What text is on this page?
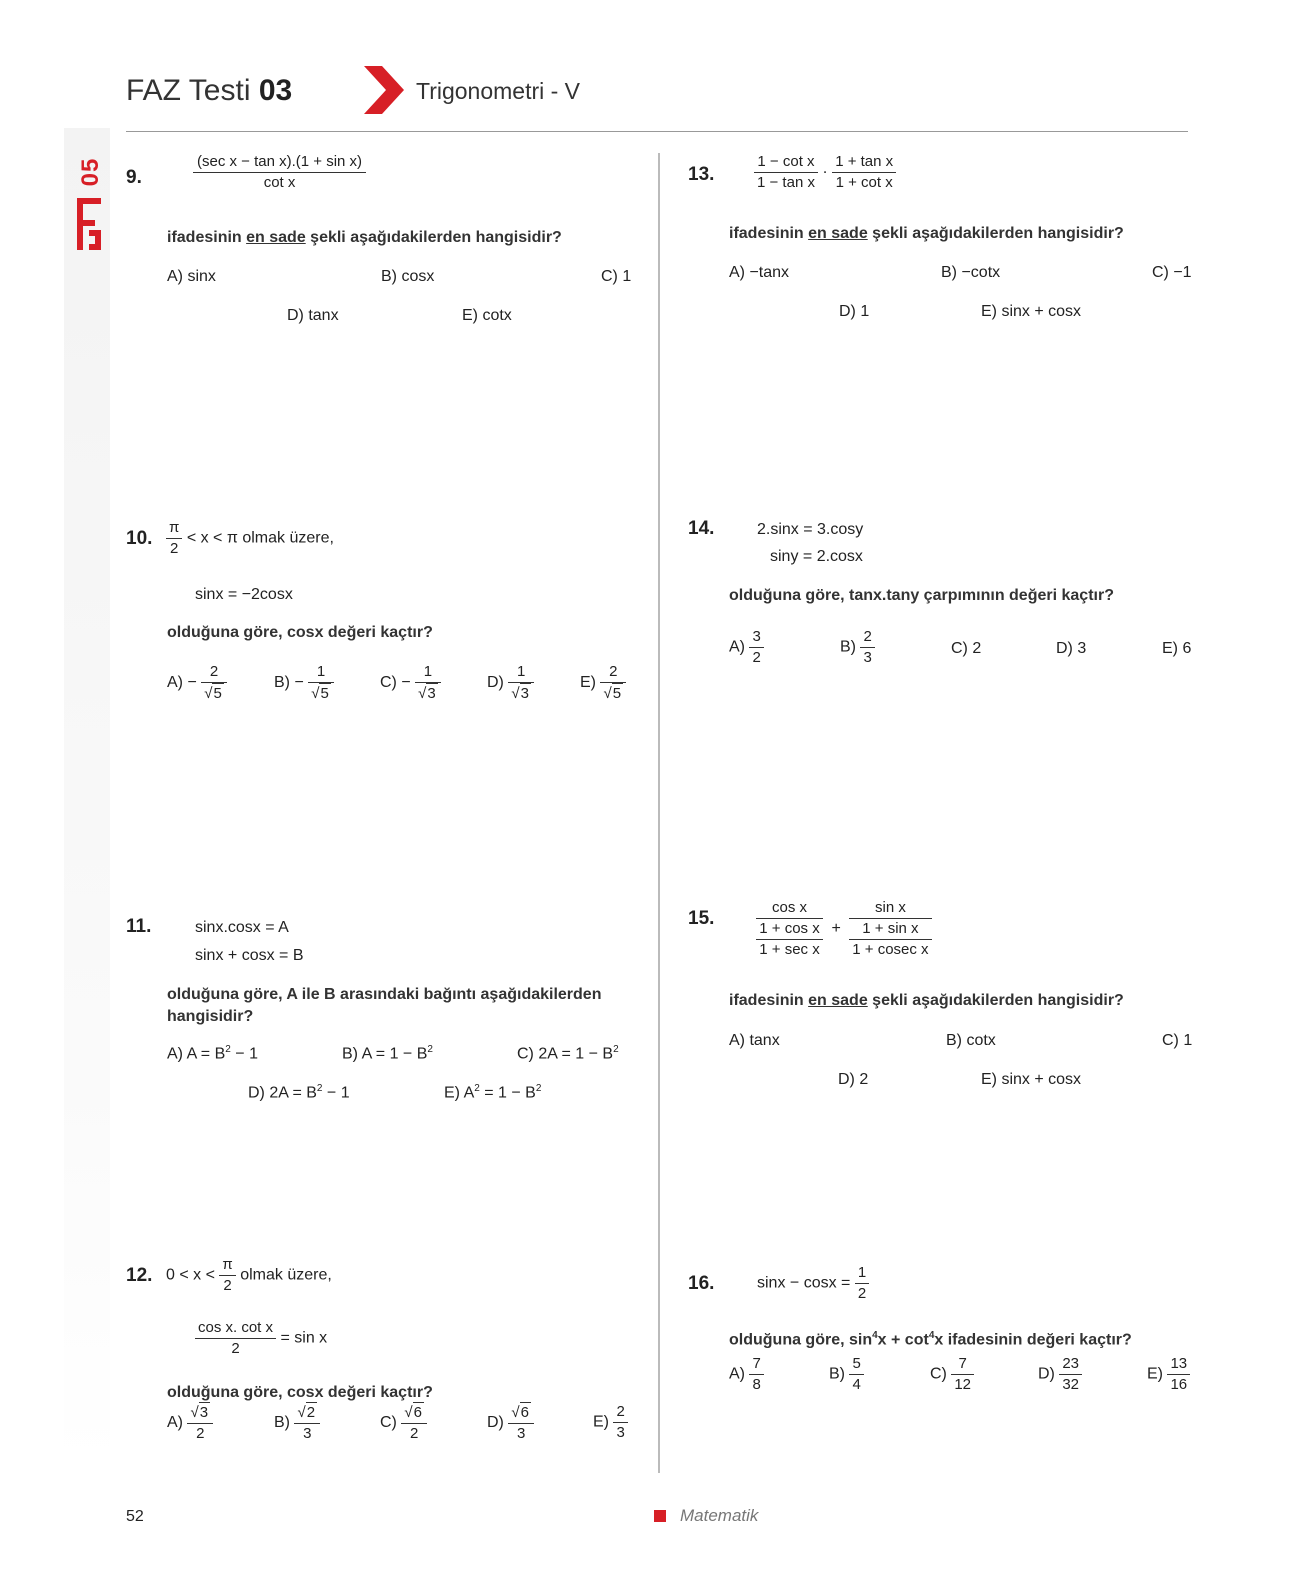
05
FAZ Testi 03	Trigonometri - V
9.
(sec x − tan x).(1 + sin x)
cot x
ifadesinin en sade şekli aşağıdakilerden hangisidir?
A) sinx	B) cosx	C) 1
D) tanx	E) cotx
10. $\frac{\pi}{2} < x < \pi$ olmak üzere,
sinx = −2cosx
olduğuna göre, cosx değeri kaçtır?
$A) - \frac{2}{√5}$	$B) - \frac{1}{√5}$	$C) - \frac{1}{√3}$	$D) \frac{1}{√3}$	$E) \frac{2}{√5}$
11.	sinx.cosx = A
sinx + cosx = B
olduğuna göre, A ile B arasındaki bağıntı aşağıdakilerden
hangisidir?
A) $A = B^2 - 1$	B) $A = 1 - B^2$	C) $2A = 1 - B^2$
D) $2A = B^2 - 1$	E) $A^2 = 1 - B^2$
12. $0 < x < \frac{\pi}{2}$ olmak üzere,
$\frac{\text{cos x. cot x}}{2} = \sin x$
olduğuna göre, cosx değeri kaçtır?
$A) \frac{√3}{2}$	$B) \frac{√2}{3}$	$C) \frac{√6}{2}$	$D) \frac{√6}{3}$	$E) \frac{2}{3}$
13.	$\frac{\text{1 − cot x}}{\text{1 − tan x}} \cdot \frac{\text{1 + tan x}}{\text{1 + cot x}}$
ifadesinin en sade şekli aşağıdakilerden hangisidir?
A) −tanx	B) −cotx	C) −1
D) 1	E) sinx + cosx
14.	2.sinx = 3.cosy
siny = 2.cosx
olduğuna göre, tanx.tany çarpımının değeri kaçtır?
$A) \frac{3}{2}$	$B) \frac{2}{3}$	C) 2	D) 3	E) 6
15.
cos x
1 + cos x
1 + sec x
+
sin x
1 + sin x
1 + cosec x
ifadesinin en sade şekli aşağıdakilerden hangisidir?
A) tanx	B) cotx	C) 1
D) 2	E) sinx + cosx
16.	$\sin x - \cos x = \frac{1}{2}$
olduğuna göre, $\sin^4x + \cot^4x$ ifadesinin değeri kaçtır?
$A) \frac{7}{8}$	$B) \frac{5}{4}$	$C) \frac{7}{12}$	$D) \frac{23}{32}$	$E) \frac{13}{16}$
52	Matematik
